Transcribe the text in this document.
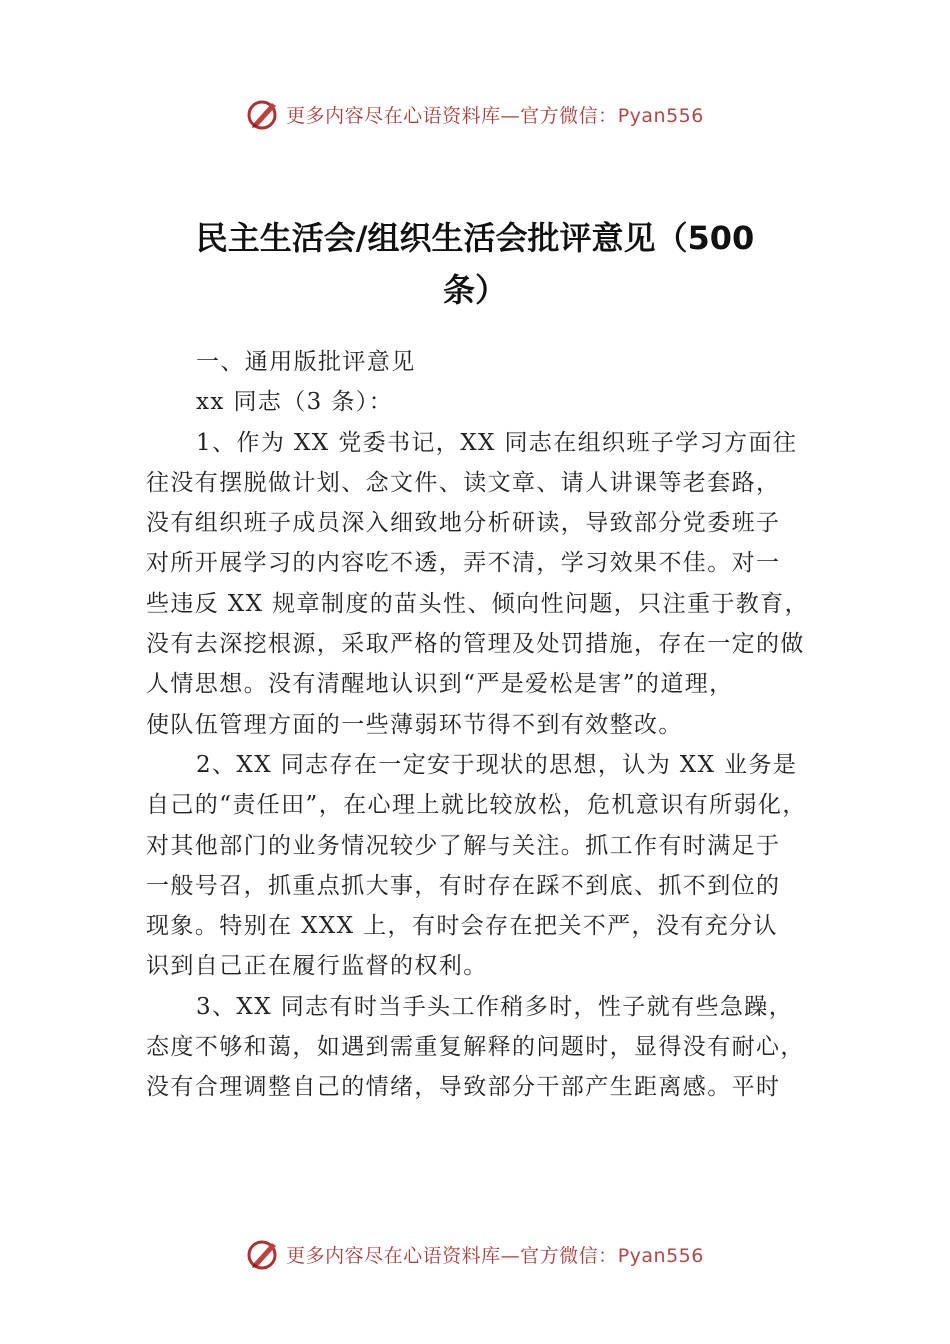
更多内容尽在心语资料库—官方微信：Pyan556
民主生活会/组织生活会批评意见（500
条）
一、通用版批评意见
xx 同志（3 条）：
1、作为 XX 党委书记，XX 同志在组织班子学习方面往
往没有摆脱做计划、念文件、读文章、请人讲课等老套路，
没有组织班子成员深入细致地分析研读，导致部分党委班子
对所开展学习的内容吃不透，弄不清，学习效果不佳。对一
些违反 XX 规章制度的苗头性、倾向性问题，只注重于教育，
没有去深挖根源，采取严格的管理及处罚措施，存在一定的做
人情思想。没有清醒地认识到“严是爱松是害”的道理，
使队伍管理方面的一些薄弱环节得不到有效整改。
2、XX 同志存在一定安于现状的思想，认为 XX 业务是
自己的“责任田”，在心理上就比较放松，危机意识有所弱化，
对其他部门的业务情况较少了解与关注。抓工作有时满足于
一般号召，抓重点抓大事，有时存在踩不到底、抓不到位的
现象。特别在 XXX 上，有时会存在把关不严，没有充分认
识到自己正在履行监督的权利。
3、XX 同志有时当手头工作稍多时，性子就有些急躁，
态度不够和蔼，如遇到需重复解释的问题时，显得没有耐心，
没有合理调整自己的情绪，导致部分干部产生距离感。平时
更多内容尽在心语资料库—官方微信：Pyan556
